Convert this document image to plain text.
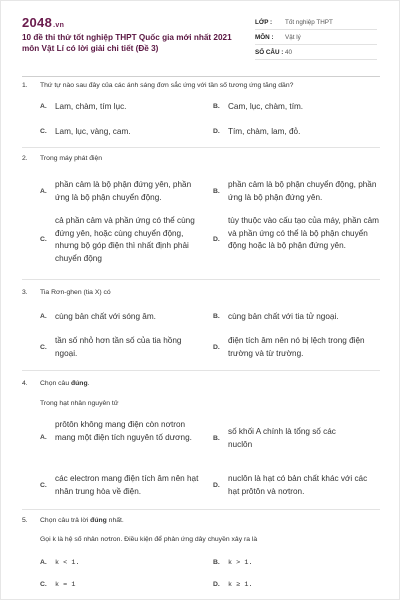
2048.vn
10 đề thi thử tốt nghiệp THPT Quốc gia mới nhất 2021 môn Vật Lí có lời giải chi tiết (Đề 3)
LỚP : Tốt nghiệp THPT
MÔN : Vật lý
SỐ CÂU : 40
1. Thứ tự nào sau đây của các ánh sáng đơn sắc ứng với tần số tương ứng tăng dần?
A. Lam, chàm, tím lục.	B. Cam, lục, chàm, tím.
C. Lam, lục, vàng, cam.	D. Tím, chàm, lam, đỏ.
2. Trong máy phát điện
A.
phần cảm là bộ phận đứng yên, phần ứng là bộ phận chuyển động.
B.
phần cảm là bộ phận chuyển động, phần ứng là bộ phận đứng yên.
C.
cả phần cảm và phần ứng có thể cùng đứng yên, hoặc cùng chuyển động, nhưng bộ góp điện thì nhất định phải chuyển động
D.
tùy thuộc vào cấu tạo của máy, phần cảm và phần ứng có thể là bộ phận chuyển động hoặc là bộ phận đứng yên.
3. Tia Rơn-ghen (tia X) có
A. cùng bản chất với sóng âm.	B. cùng bản chất với tia tử ngoại.
C.
tần số nhỏ hơn tần số của tia hồng ngoại.
D.
điện tích âm nên nó bị lệch trong điện trường và từ trường.
4. Chọn câu đúng.
Trong hạt nhân nguyên tử
A.
prôtôn không mang điện còn nơtron mang một điện tích nguyên tố dương.	B.
số khối A chính là tổng số các nuclôn
C.
các electron mang điện tích âm nên hạt nhân trung hòa về điện.
D.
nuclôn là hạt có bản chất khác với các hạt prôtôn và nơtron.
5. Chọn câu trả lời đúng nhất.
Gọi k là hệ số nhân nơtron. Điều kiện để phản ứng dây chuyền xảy ra là
A. k < 1.	B. k > 1.
C. k = 1	D. k ≥ 1.
